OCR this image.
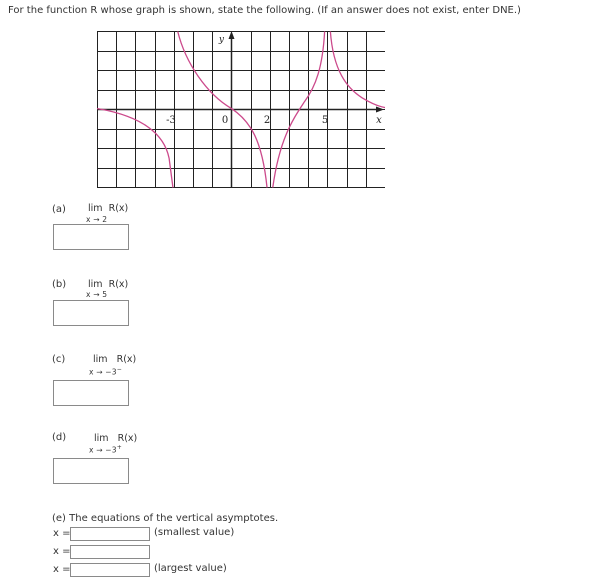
For the function R whose graph is shown, state the following. (If an answer does not exist, enter DNE.)
-3	0	2	5	x
y
(a) lim R(x)
x → 2
(b) lim R(x)
x → 5
(c)	lim R(x)
x → −3−
(d)	lim R(x)
x → −3+
(e) The equations of the vertical asymptotes.
x =	(smallest value)
x =
x =	(largest value)
